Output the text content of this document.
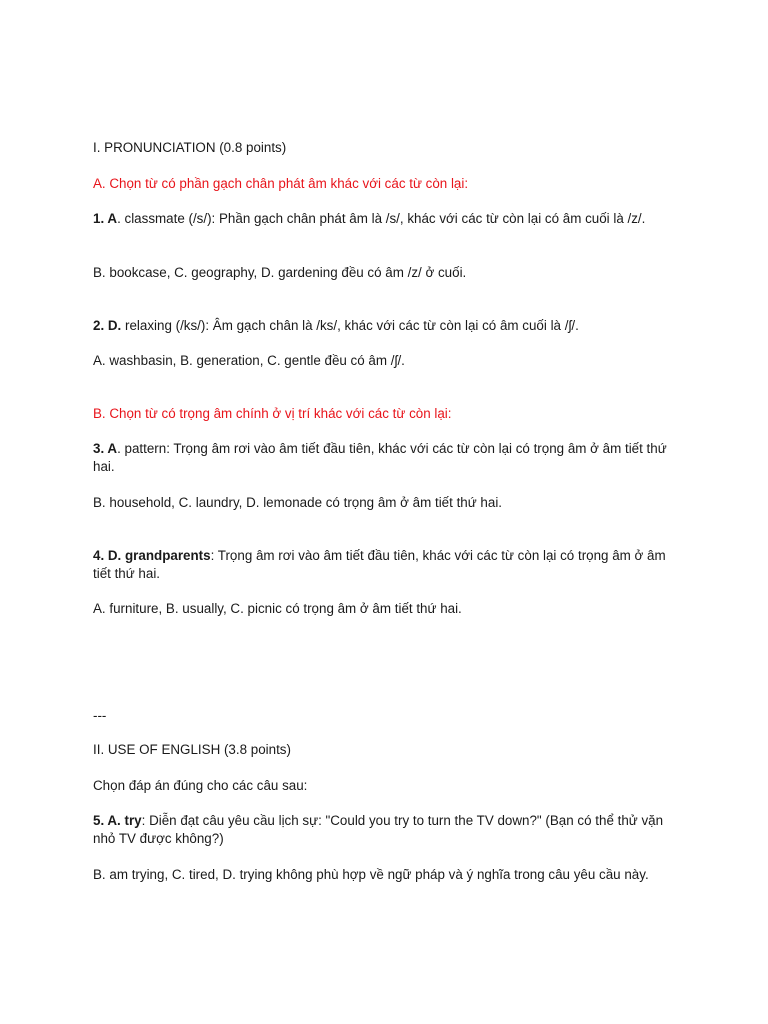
I. PRONUNCIATION (0.8 points)

A. Chọn từ có phần gạch chân phát âm khác với các từ còn lại:

1. A. classmate (/s/): Phần gạch chân phát âm là /s/, khác với các từ còn lại có âm cuối là /z/.

B. bookcase, C. geography, D. gardening đều có âm /z/ ở cuối.

2. D. relaxing (/ks/): Âm gạch chân là /ks/, khác với các từ còn lại có âm cuối là /ʃ/.

A. washbasin, B. generation, C. gentle đều có âm /ʃ/.

B. Chọn từ có trọng âm chính ở vị trí khác với các từ còn lại:

3. A. pattern: Trọng âm rơi vào âm tiết đầu tiên, khác với các từ còn lại có trọng âm ở âm tiết thứ hai.

B. household, C. laundry, D. lemonade có trọng âm ở âm tiết thứ hai.

4. D. grandparents: Trọng âm rơi vào âm tiết đầu tiên, khác với các từ còn lại có trọng âm ở âm tiết thứ hai.

A. furniture, B. usually, C. picnic có trọng âm ở âm tiết thứ hai.

---

II. USE OF ENGLISH (3.8 points)

Chọn đáp án đúng cho các câu sau:

5. A. try: Diễn đạt câu yêu cầu lịch sự: "Could you try to turn the TV down?" (Bạn có thể thử vặn nhỏ TV được không?)

B. am trying, C. tired, D. trying không phù hợp về ngữ pháp và ý nghĩa trong câu yêu cầu này.
